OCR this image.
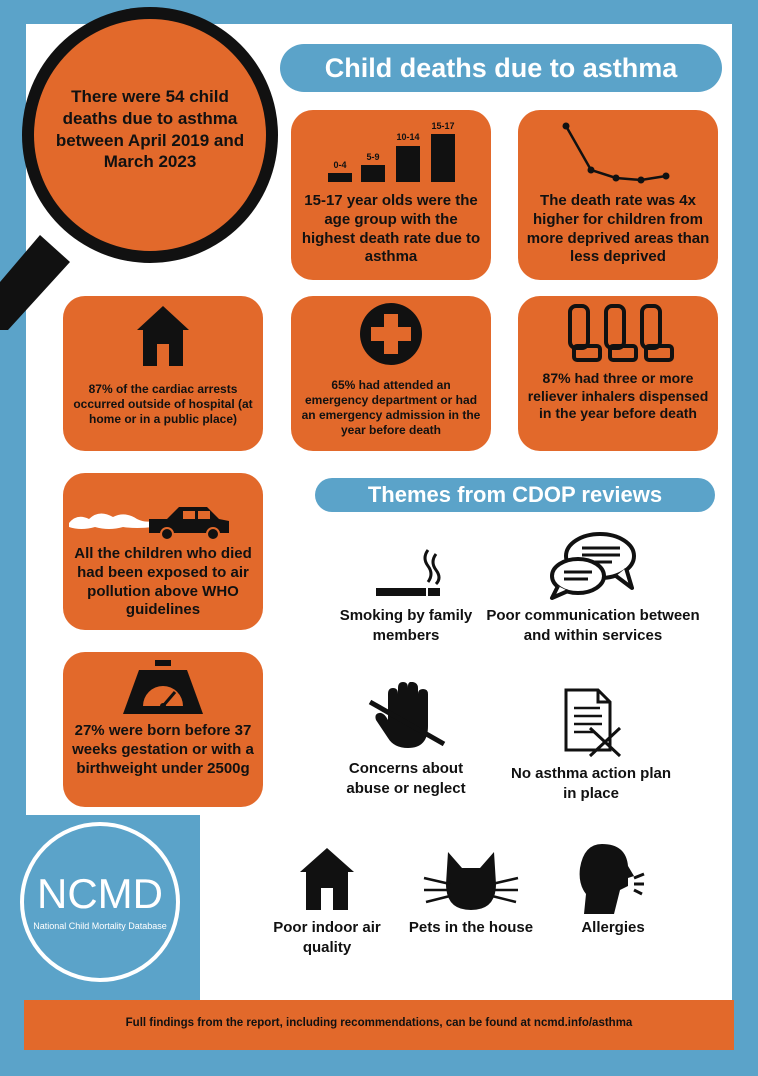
There were 54 child deaths due to asthma between April 2019 and March 2023
Child deaths due to asthma
0-4
5-9
10-14
15-17
15-17 year olds were the age group with the highest death rate due to asthma
The death rate was 4x higher for children from more deprived areas than less deprived
87% of the cardiac arrests occurred outside of hospital (at home or in a public place)
65% had attended an emergency department or had an emergency admission in the year before death
87% had three or more reliever inhalers dispensed in the year before death
All the children who died had been exposed to air pollution above WHO guidelines
27% were born before 37 weeks gestation or with a birthweight under 2500g
Themes from CDOP reviews
Smoking by family members
Poor communication between and within services
Concerns about abuse or neglect
No asthma action plan in place
Poor indoor air quality
Pets in the house	Allergies
NCMD
National Child Mortality Database
Full findings from the report, including recommendations, can be found at ncmd.info/asthma
